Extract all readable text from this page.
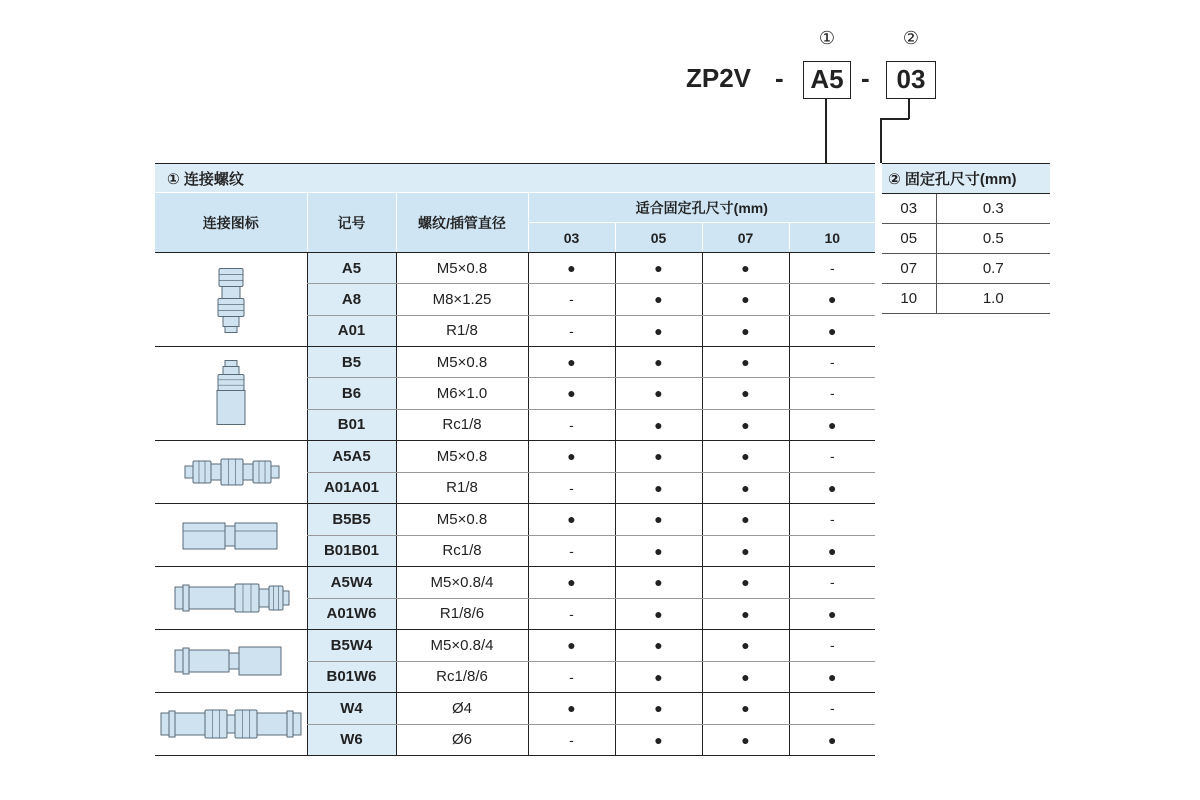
ZP2V -
①
A5 -
②
03
① 连接螺纹						
连接图标	记号	螺纹/插管直径	适合固定孔尺寸(mm)			
			03	05	07	10

	A5	M5×0.8	●	●	●	-
	A8	M8×1.25	-	●	●	●
	A01	R1/8	-	●	●	●

	B5	M5×0.8	●	●	●	-
	B6	M6×1.0	●	●	●	-
	B01	Rc1/8	-	●	●	●

	A5A5	M5×0.8	●	●	●	-
	A01A01	R1/8	-	●	●	●

	B5B5	M5×0.8	●	●	●	-
	B01B01	Rc1/8	-	●	●	●

	A5W4	M5×0.8/4	●	●	●	-
	A01W6	R1/8/6	-	●	●	●

	B5W4	M5×0.8/4	●	●	●	-
	B01W6	Rc1/8/6	-	●	●	●

	W4	Ø4	●	●	●	-
	W6	Ø6	-	●	●	●
② 固定孔尺寸(mm)	
03	0.3
05	0.5
07	0.7
10	1.0
